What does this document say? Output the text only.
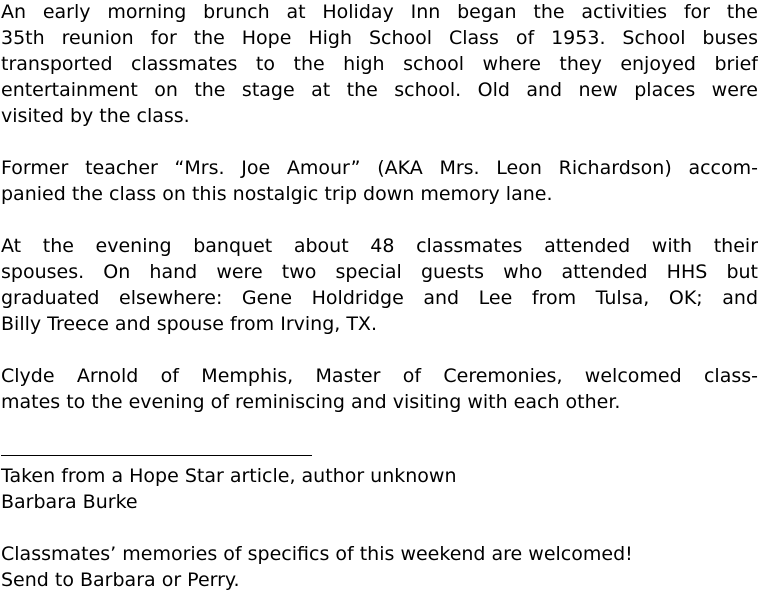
An early morning brunch at Holiday Inn began the activities for the
35th reunion for the Hope High School Class of 1953. School buses
transported classmates to the high school where they enjoyed brief
entertainment on the stage at the school. Old and new places were
visited by the class.
Former teacher “Mrs. Joe Amour” (AKA Mrs. Leon Richardson) accom-
panied the class on this nostalgic trip down memory lane.
At the evening banquet about 48 classmates attended with their
spouses. On hand were two special guests who attended HHS but
graduated elsewhere: Gene Holdridge and Lee from Tulsa, OK; and
Billy Treece and spouse from Irving, TX.
Clyde Arnold of Memphis, Master of Ceremonies, welcomed class-
mates to the evening of reminiscing and visiting with each other.
Taken from a Hope Star article, author unknown
Barbara Burke
Classmates’ memories of specifics of this weekend are welcomed!
Send to Barbara or Perry.
